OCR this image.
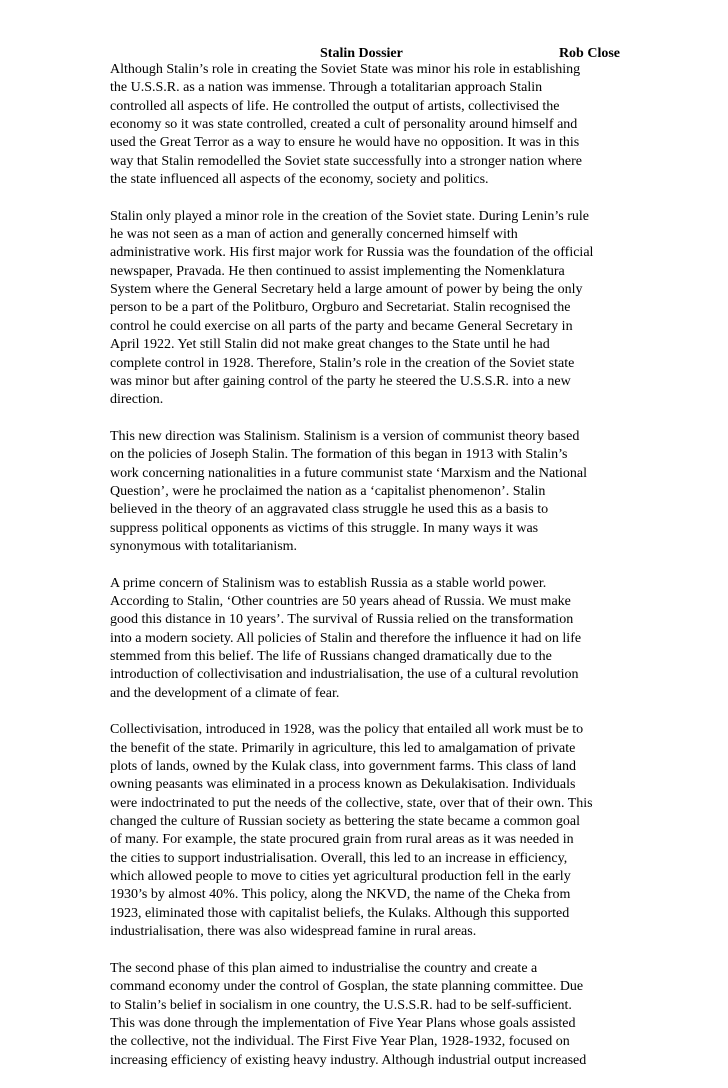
Stalin Dossier	Rob Close
Although Stalin’s role in creating the Soviet State was minor his role in establishing
the U.S.S.R. as a nation was immense. Through a totalitarian approach Stalin
controlled all aspects of life. He controlled the output of artists, collectivised the
economy so it was state controlled, created a cult of personality around himself and
used the Great Terror as a way to ensure he would have no opposition. It was in this
way that Stalin remodelled the Soviet state successfully into a stronger nation where
the state influenced all aspects of the economy, society and politics.
Stalin only played a minor role in the creation of the Soviet state. During Lenin’s rule
he was not seen as a man of action and generally concerned himself with
administrative work. His first major work for Russia was the foundation of the official
newspaper, Pravada. He then continued to assist implementing the Nomenklatura
System where the General Secretary held a large amount of power by being the only
person to be a part of the Politburo, Orgburo and Secretariat. Stalin recognised the
control he could exercise on all parts of the party and became General Secretary in
April 1922. Yet still Stalin did not make great changes to the State until he had
complete control in 1928. Therefore, Stalin’s role in the creation of the Soviet state
was minor but after gaining control of the party he steered the U.S.S.R. into a new
direction.
This new direction was Stalinism. Stalinism is a version of communist theory based
on the policies of Joseph Stalin. The formation of this began in 1913 with Stalin’s
work concerning nationalities in a future communist state ‘Marxism and the National
Question’, were he proclaimed the nation as a ‘capitalist phenomenon’. Stalin
believed in the theory of an aggravated class struggle he used this as a basis to
suppress political opponents as victims of this struggle. In many ways it was
synonymous with totalitarianism.
A prime concern of Stalinism was to establish Russia as a stable world power.
According to Stalin, ‘Other countries are 50 years ahead of Russia. We must make
good this distance in 10 years’. The survival of Russia relied on the transformation
into a modern society. All policies of Stalin and therefore the influence it had on life
stemmed from this belief. The life of Russians changed dramatically due to the
introduction of collectivisation and industrialisation, the use of a cultural revolution
and the development of a climate of fear.
Collectivisation, introduced in 1928, was the policy that entailed all work must be to
the benefit of the state. Primarily in agriculture, this led to amalgamation of private
plots of lands, owned by the Kulak class, into government farms. This class of land
owning peasants was eliminated in a process known as Dekulakisation. Individuals
were indoctrinated to put the needs of the collective, state, over that of their own. This
changed the culture of Russian society as bettering the state became a common goal
of many. For example, the state procured grain from rural areas as it was needed in
the cities to support industrialisation. Overall, this led to an increase in efficiency,
which allowed people to move to cities yet agricultural production fell in the early
1930’s by almost 40%. This policy, along the NKVD, the name of the Cheka from
1923, eliminated those with capitalist beliefs, the Kulaks. Although this supported
industrialisation, there was also widespread famine in rural areas.
The second phase of this plan aimed to industrialise the country and create a
command economy under the control of Gosplan, the state planning committee. Due
to Stalin’s belief in socialism in one country, the U.S.S.R. had to be self-sufficient.
This was done through the implementation of Five Year Plans whose goals assisted
the collective, not the individual. The First Five Year Plan, 1928-1932, focused on
increasing efficiency of existing heavy industry. Although industrial output increased
